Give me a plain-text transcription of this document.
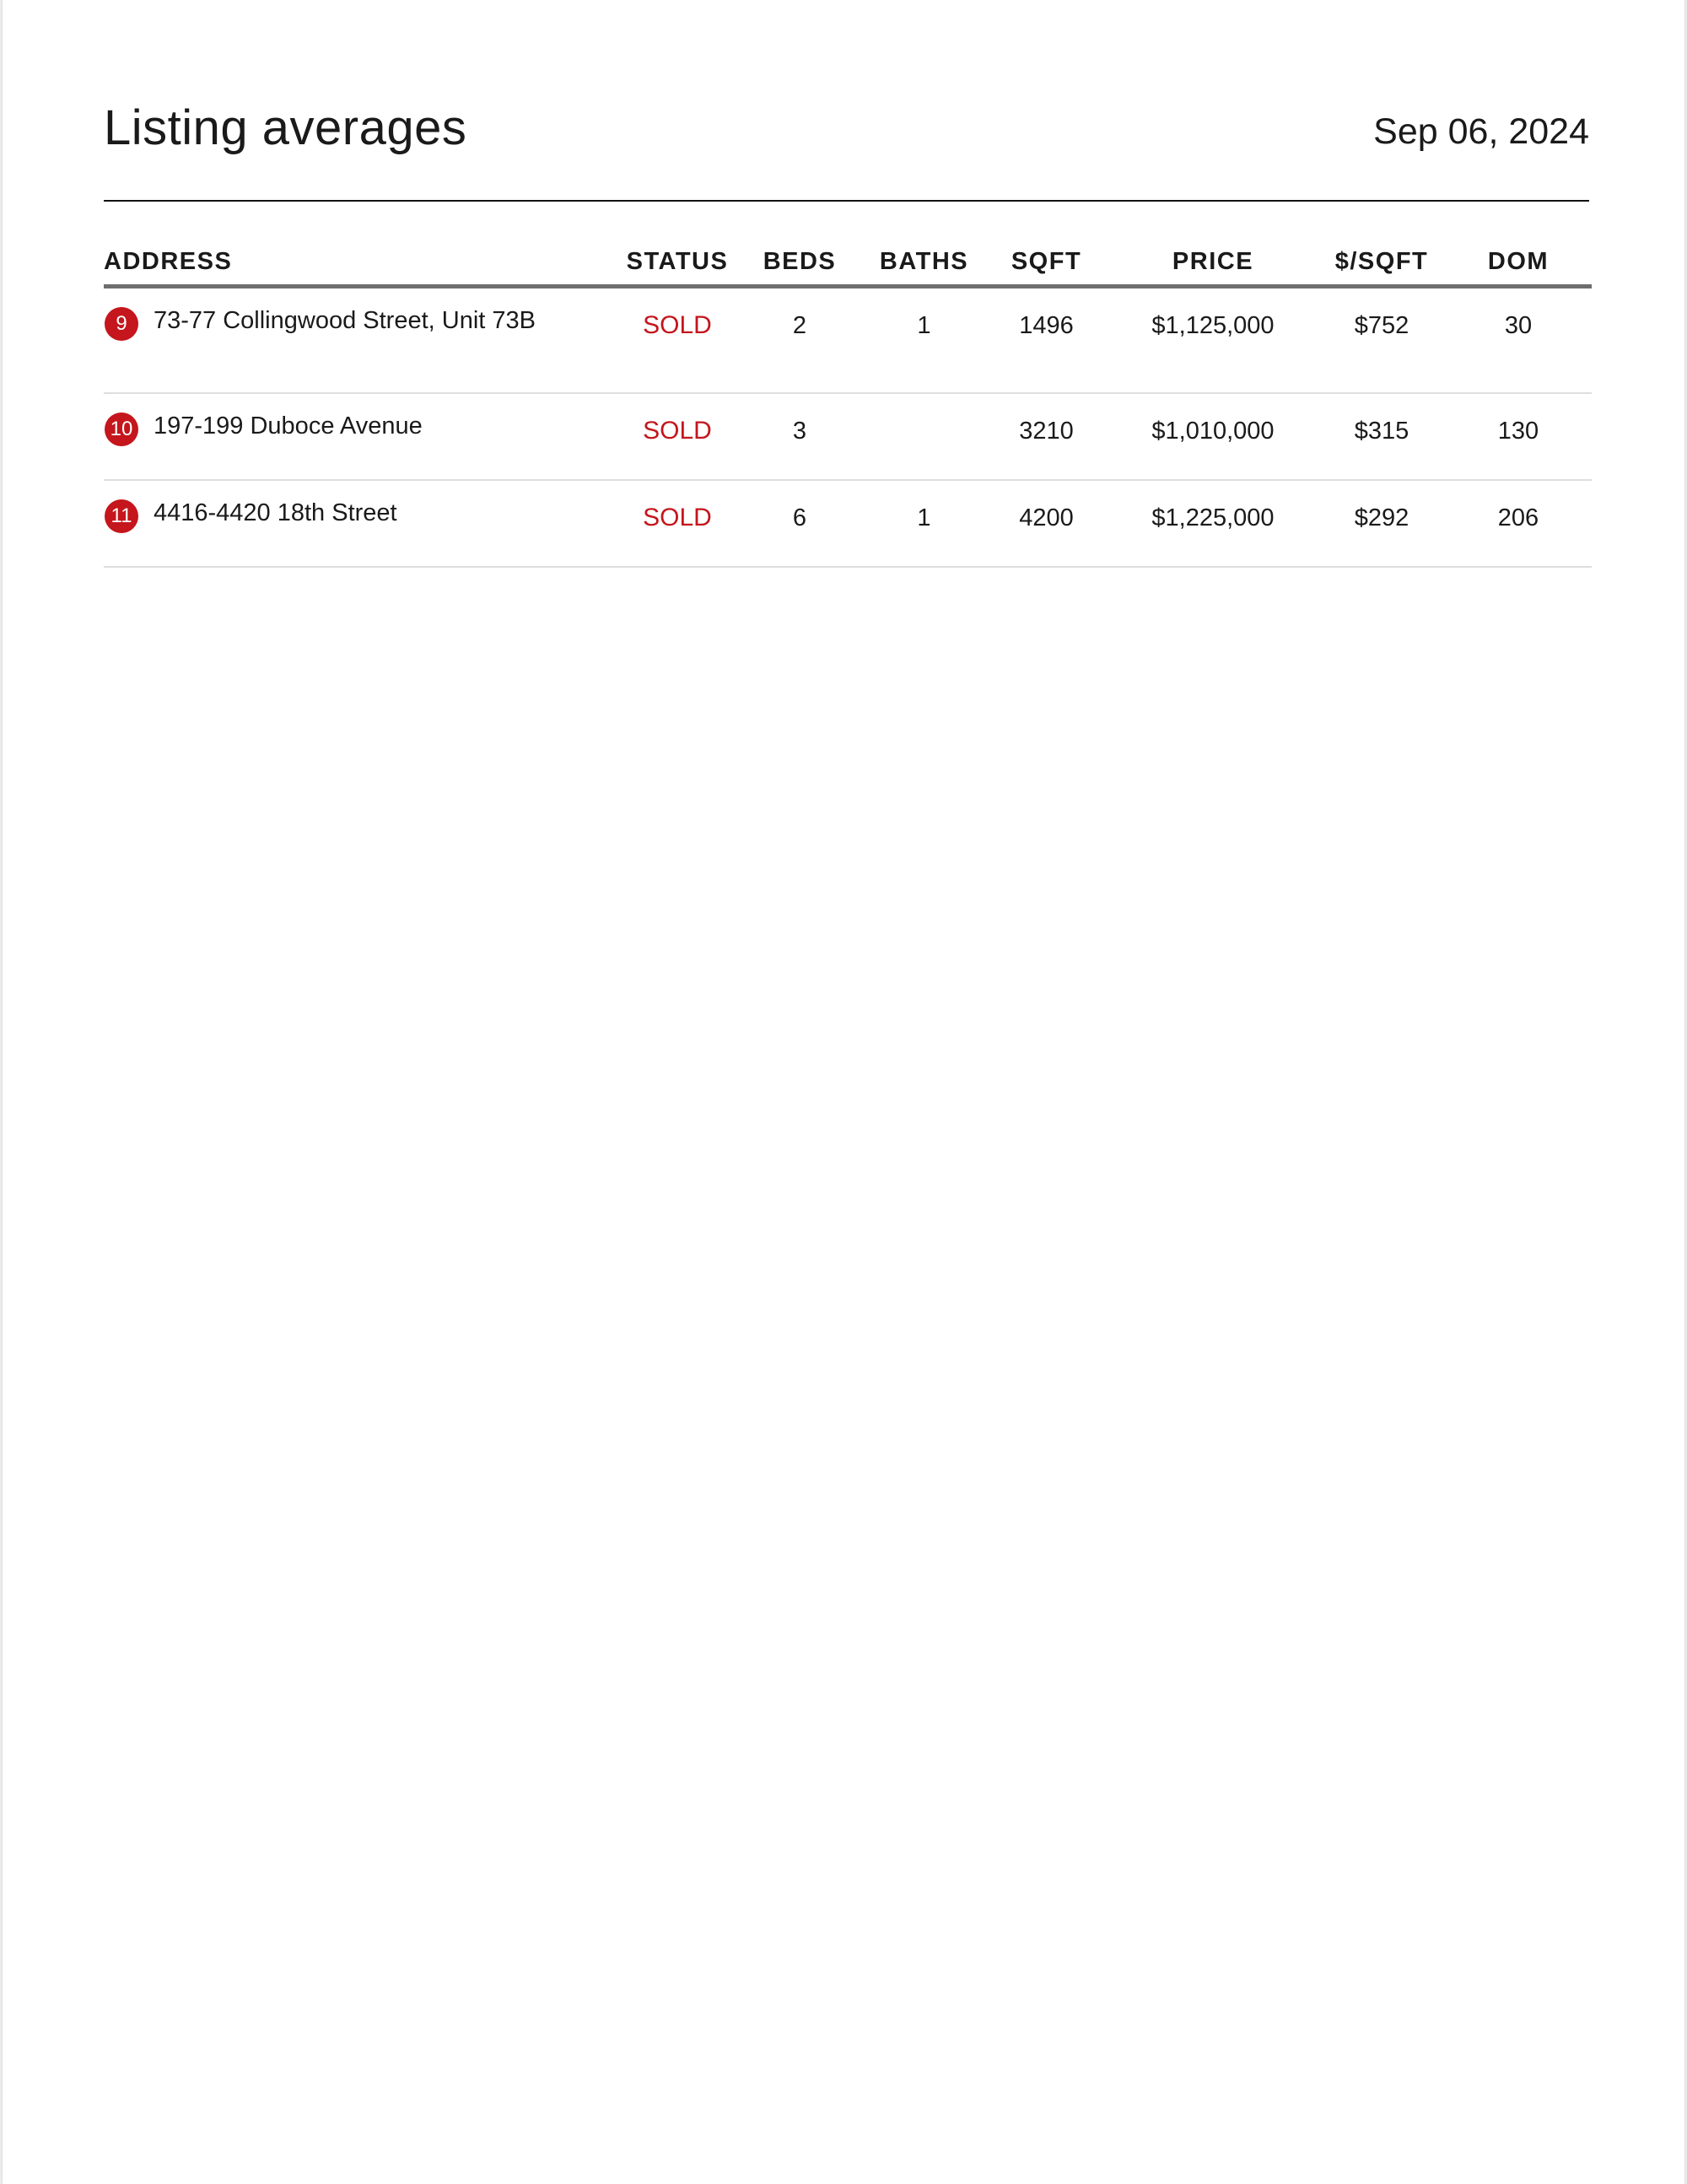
Listing averages	Sep 06, 2024
ADDRESS	STATUS	BEDS	BATHS	SQFT	PRICE	$/SQFT	DOM

9 73-77 Collingwood Street, Unit 73B	SOLD	2	1	1496	$1,125,000	$752	30

10 197-199 Duboce Avenue	SOLD	3		3210	$1,010,000	$315	130

11 4416-4420 18th Street	SOLD	6	1	4200	$1,225,000	$292	206
